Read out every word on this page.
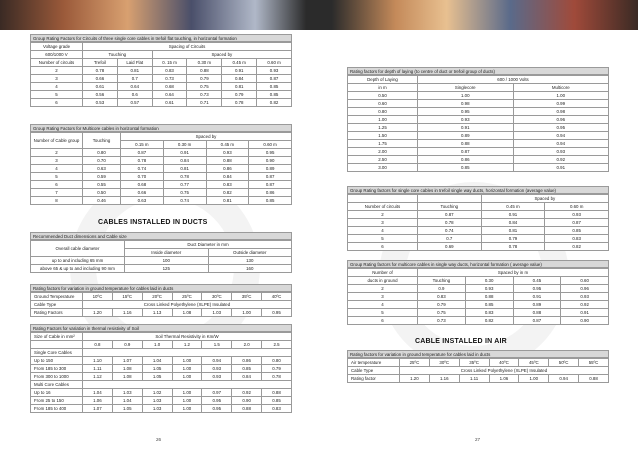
Group Rating Factors for Circuits of three single core cables in trefoil flat touching, in horizontal formation
Voltage grade	Spacing of Circuits					
600/1000 V	Touching		Spaced by			
Number of circuits	Trefoil	Laid Flat	0. 15 m	0.30 m	0.45 m	0.60 m
2	0.78	0.81	0.83	0.88	0.91	0.93
3	0.66	0.7	0.73	0.79	0.84	0.87
4	0.61	0.64	0.68	0.75	0.81	0.85
5	0.56	0.6	0.64	0.73	0.79	0.85
6	0.53	0.57	0.61	0.71	0.78	0.82
Group Rating Factors for Multicore cables in horizontal formation
Number of Cable group	Touching	Spaced by			
		0.15 m	0.30 m	0.45 m	0.60 m
2	0.80	0.87	0.91	0.93	0.95
3	0.70	0.78	0.84	0.88	0.90
4	0.63	0.74	0.81	0.86	0.89
5	0.59	0.70	0.78	0.84	0.87
6	0.55	0.68	0.77	0.83	0.87
7	0.50	0.66	0.75	0.82	0.86
8	0.46	0.63	0.74	0.81	0.85
CABLES INSTALLED IN DUCTS
Recommended Duct dimensions and Cable size
Overall cable diameter	Duct Diameter in mm	
	Inside diameter	Outside diameter
up to and including 65 mm	100	130
above 65 & up to and including 90 mm	125	160
Rating factors for variation in ground temperature for cables laid in ducts
Ground Temperature	10ºC	15ºC	20ºC	25ºC	30ºC	35ºC	40ºC
Cable Type	Cross Linked Polyethylene (XLPE) Insulated						
Rating Factors	1.20	1.16	1.13	1.08	1.03	1.00	0.95
Rating Factors for variation in thermal resistivity of Soil
Size of Cable in mm²	Soil Thermal Resistivity in Km/W						
	0.8	0.9	1.0	1.2	1.5	2.0	2.5
Single Core Cables							
Up to 150	1.10	1.07	1.04	1.00	0.94	0.86	0.80
From 185 to 300	1.11	1.08	1.05	1.00	0.93	0.85	0.79
From 300 to 1000	1.12	1.08	1.05	1.00	0.93	0.84	0.78
Multi Core Cables							
Up to 16	1.04	1.03	1.02	1.00	0.97	0.92	0.88
From 25 to 150	1.06	1.04	1.03	1.00	0.95	0.90	0.85
From 185 to 400	1.07	1.05	1.03	1.00	0.95	0.88	0.83
26
Rating factors for depth of laying (to centre of duct or trefoil group of ducts)
Depth of Laying	600 / 1000 Volts	
in m	Singlecore	Multicore
0.50	1.00	1.00
0.60	0.98	0.99
0.80	0.95	0.98
1.00	0.93	0.96
1.25	0.91	0.95
1.50	0.89	0.94
1.75	0.88	0.94
2.00	0.87	0.93
2.50	0.86	0.92
3.00	0.85	0.91
Group Rating factors for single core cables in trefoil single way ducts, horizontal formation (average value)
		Spaced by	
Number of circuits	Touching	0.45 m	0.60 m
2	0.87	0.91	0.93
3	0.78	0.84	0.87
4	0.74	0.81	0.85
5	0.7	0.79	0.83
6	0.69	0.78	0.82
Group Rating factors for multicore cables in single way ducts, horizontal formation ( average value)
Number of	Spaced by in m			
ducts in ground	Touching	0.30	0.45	0.60
2	0.9	0.93	0.95	0.96
3	0.83	0.88	0.91	0.93
4	0.79	0.85	0.89	0.92
5	0.75	0.83	0.88	0.91
6	0.73	0.82	0.87	0.90
CABLE INSTALLED IN AIR
Rating factors for variation in ground temperature for cables laid in ducts
Air temperature	25ºC	30ºC	35ºC	40ºC	45ºC	50ºC	55ºC
Cable Type	Cross Linked Polyethylene (XLPE) Insulated						
Rating factor	1.20	1.16	1.11	1.06	1.00	0.94	0.88
27
